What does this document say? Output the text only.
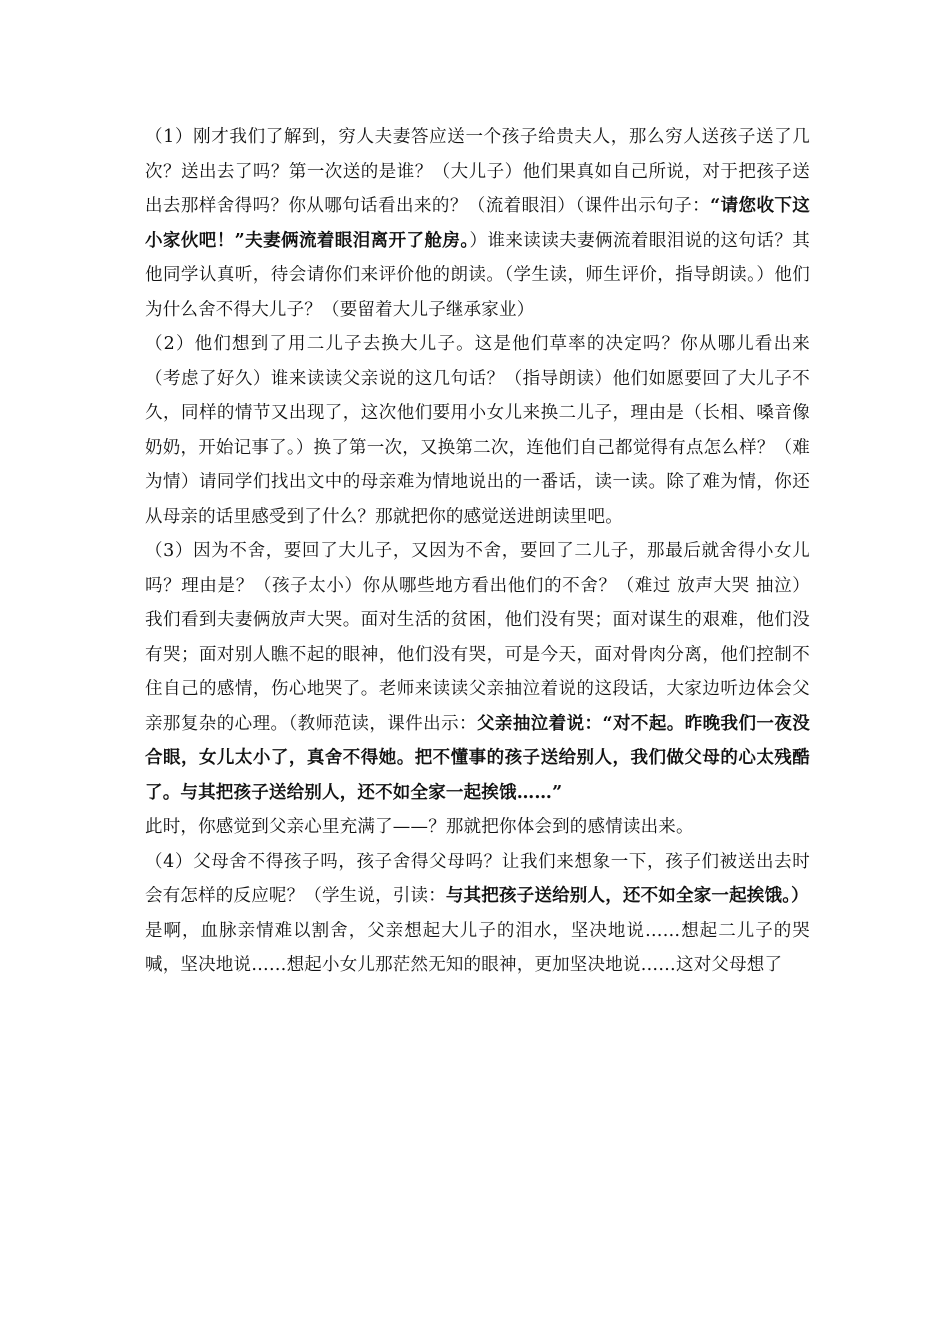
（1）刚才我们了解到，穷人夫妻答应送一个孩子给贵夫人，那么穷人送孩子送了几次？送出去了吗？第一次送的是谁？（大儿子）他们果真如自己所说，对于把孩子送出去那样舍得吗？你从哪句话看出来的？（流着眼泪）（课件出示句子：“请您收下这小家伙吧！”夫妻俩流着眼泪离开了舱房。）谁来读读夫妻俩流着眼泪说的这句话？其他同学认真听，待会请你们来评价他的朗读。（学生读，师生评价，指导朗读。）他们为什么舍不得大儿子？（要留着大儿子继承家业）

（2）他们想到了用二儿子去换大儿子。这是他们草率的决定吗？你从哪儿看出来（考虑了好久）谁来读读父亲说的这几句话？（指导朗读）他们如愿要回了大儿子不久，同样的情节又出现了，这次他们要用小女儿来换二儿子，理由是（长相、嗓音像奶奶，开始记事了。）换了第一次，又换第二次，连他们自己都觉得有点怎么样？（难为情）请同学们找出文中的母亲难为情地说出的一番话，读一读。除了难为情，你还从母亲的话里感受到了什么？那就把你的感觉送进朗读里吧。

（3）因为不舍，要回了大儿子，又因为不舍，要回了二儿子，那最后就舍得小女儿吗？理由是？（孩子太小）你从哪些地方看出他们的不舍？（难过 放声大哭 抽泣）我们看到夫妻俩放声大哭。面对生活的贫困，他们没有哭；面对谋生的艰难，他们没有哭；面对别人瞧不起的眼神，他们没有哭，可是今天，面对骨肉分离，他们控制不住自己的感情，伤心地哭了。老师来读读父亲抽泣着说的这段话，大家边听边体会父亲那复杂的心理。（教师范读，课件出示：父亲抽泣着说：“对不起。昨晚我们一夜没合眼，女儿太小了，真舍不得她。把不懂事的孩子送给别人，我们做父母的心太残酷了。与其把孩子送给别人，还不如全家一起挨饿……”

此时，你感觉到父亲心里充满了——？那就把你体会到的感情读出来。

（4）父母舍不得孩子吗，孩子舍得父母吗？让我们来想象一下，孩子们被送出去时会有怎样的反应呢？（学生说，引读：与其把孩子送给别人，还不如全家一起挨饿。）

是啊，血脉亲情难以割舍，父亲想起大儿子的泪水，坚决地说……想起二儿子的哭喊，坚决地说……想起小女儿那茫然无知的眼神，更加坚决地说……这对父母想了
